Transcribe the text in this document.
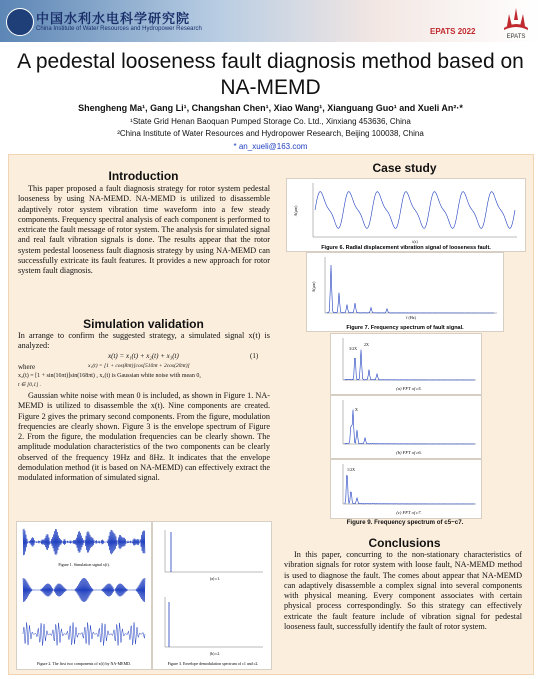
中国水利水电科学研究院
China Institute of Water Resources and Hydropower Research	EPATS 2022
EPATS
A pedestal looseness fault diagnosis method based on
NA-MEMD
Shengheng Ma¹, Gang Li¹, Changshan Chen¹, Xiao Wang¹, Xianguang Guo¹ and Xueli An²·*
¹State Grid Henan Baoquan Pumped Storage Co. Ltd., Xinxiang 453636, China
²China Institute of Water Resources and Hydropower Research, Beijing 100038, China
* an_xueli@163.com
Introduction
This paper proposed a fault diagnosis strategy for rotor system pedestal looseness by using NA-MEMD. NA-MEMD is utilized to disassemble adaptively rotor system vibration time waveform into a few steady components. Frequency spectral analysis of each component is performed to extricate the fault message of rotor system. The analysis for simulated signal and real fault vibration signals is done. The results appear that the rotor system pedestal looseness fault diagnosis strategy by using NA-MEMD can successfully extricate its fault features. It provides a new approach for rotor system fault diagnosis.
Simulation validation
In arrange to confirm the suggested strategy, a simulated signal x(t) is analyzed:
x(t) = x₁(t) + x₂(t) + x₃(t)	(1)
where	x₁(t) = [1 + cos(8πt)]cos[510πt + 2cos(20πt)]
x₂(t) = [1 + sin(16πt)]sin(168πt) , x₃(t) is Gaussian white noise with mean 0,
t ∈ [0,1] .
Gaussian white noise with mean 0 is included, as shown in Figure 1. NA-MEMD is utilized to disassemble the x(t). Nine components are created. Figure 2 gives the primary second components. From the figure, modulation frequencies are clearly shown. Figure 3 is the envelope spectrum of Figure 2. From the figure, the modulation frequencies can be clearly shown. The amplitude modulation characteristics of the two components can be clearly observed of the frequency 19Hz and 8Hz. It indicates that the envelope demodulation method (it is based on NA-MEMD) can effectively extract the modulated information of simulated signal.
Figure 1. Simulation signal x(t).
Figure 2. The first two components of x(t) by NA-MEMD.
(a) c1.
(b) c2.
Figure 3. Envelope demodulation spectrum of c1 and c2.
Case study
A(μm)
t(s)
Figure 6. Radial displacement vibration signal of looseness fault.
A(μm)
f (Hz)
Figure 7. Frequency spectrum of fault signal.
3/2X
2X
(a) FFT of c5.
X
(b) FFT of c6.
1/2X
(c) FFT of c7.
Figure 9. Frequency spectrum of c5~c7.
Conclusions
In this paper, concurring to the non-stationary characteristics of vibration signals for rotor system with loose fault, NA-MEMD method is used to diagnose the fault. The comes about appear that NA-MEMD can adaptively disassemble a complex signal into several components with physical meaning. Every component associates with certain physical process correspondingly. So this strategy can effectively extricate the fault feature include of vibration signal for pedestal looseness fault, successfully identify the fault of rotor system.
